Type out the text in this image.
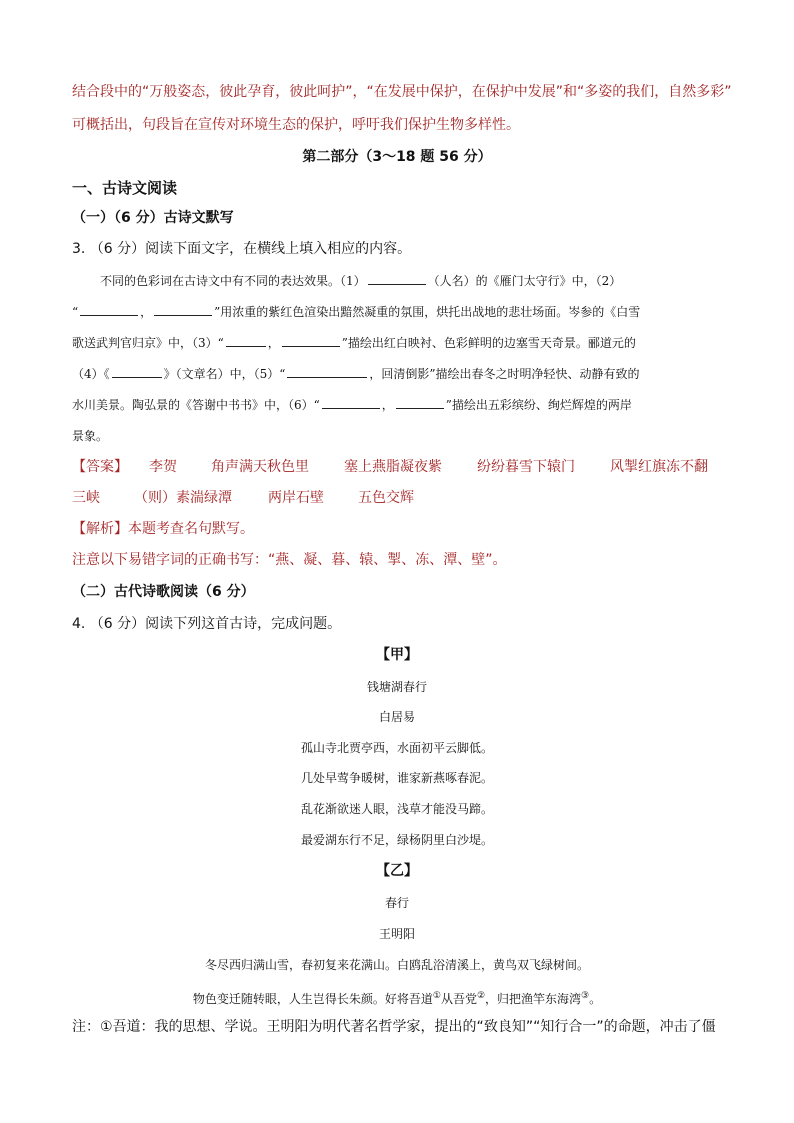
结合段中的“万般姿态，彼此孕育，彼此呵护”，“在发展中保护，在保护中发展”和“多姿的我们，自然多彩”
可概括出，句段旨在宣传对环境生态的保护，呼吁我们保护生物多样性。
第二部分（3～18 题 56 分）
一、古诗文阅读
（一）（6 分）古诗文默写
3. （6 分）阅读下面文字，在横线上填入相应的内容。
不同的色彩词在古诗文中有不同的表达效果。（1）	（人名）的《雁门太守行》中，（2）
“	，	”用浓重的紫红色渲染出黯然凝重的氛围，烘托出战地的悲壮场面。岑参的《白雪
歌送武判官归京》中，（3）“	，	”描绘出红白映衬、色彩鲜明的边塞雪天奇景。郦道元的
（4）《	》（文章名）中，（5）“	，回清倒影”描绘出春冬之时明净轻快、动静有致的
水川美景。陶弘景的《答谢中书书》中，（6）“	，	”描绘出五彩缤纷、绚烂辉煌的两岸
景象。
【答案】 李贺 角声满天秋色里	塞上燕脂凝夜紫	纷纷暮雪下辕门	风掣红旗冻不翻
三峡 （则）素湍绿潭	两岸石壁 五色交辉
【解析】本题考查名句默写。
注意以下易错字词的正确书写：“燕、凝、暮、辕、掣、冻、潭、壁”。
（二）古代诗歌阅读（6 分）
4. （6 分）阅读下列这首古诗，完成问题。
【甲】
钱塘湖春行
白居易
孤山寺北贾亭西，水面初平云脚低。
几处早莺争暖树，谁家新燕啄春泥。
乱花渐欲迷人眼，浅草才能没马蹄。
最爱湖东行不足，绿杨阴里白沙堤。
【乙】
春行
王明阳
冬尽西归满山雪，春初复来花满山。白鸥乱浴清溪上，黄鸟双飞绿树间。
物色变迁随转眼，人生岂得长朱颜。好将吾道①从吾党②，归把渔竿东海湾③。
注：①吾道：我的思想、学说。王明阳为明代著名哲学家，提出的“致良知”“知行合一”的命题，冲击了僵
